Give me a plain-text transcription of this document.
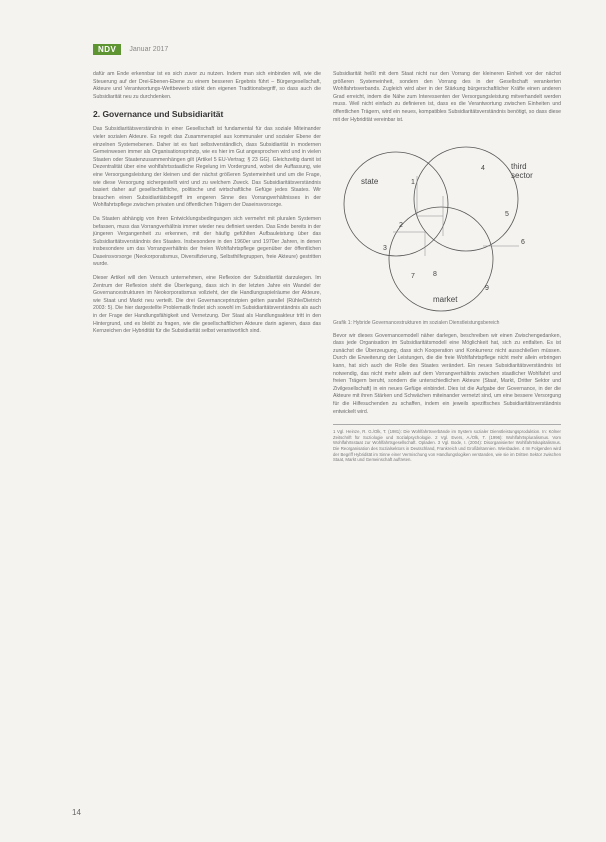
NDV	Januar 2017

dafür am Ende erkennbar ist es sich zuvor zu nutzen. Indem man sich einbinden will, wie die Steuerung auf der Drei-Ebenen-Ebene zu einem besseren Ergebnis führt – Bürgergesellschaft, Akteure und Verantwortungs-Wettbewerb stärkt den eigenen Traditionsbegriff, so dass auch die Subsidiarität neu zu durchdenken.

2. Governance und Subsidiarität

Das Subsidiaritätsverständnis in einer Gesellschaft ist fundamental für das soziale Miteinander vieler sozialen Akteure. Es regelt das Zusammenspiel aus kommunaler und sozialer Ebene der einzelnen Systemebenen. Daher ist es fast selbstverständlich, dass Subsidiarität in modernen Gemeinwesen immer als Organisationsprinzip, wie es hier im Gut angesprochen wird und in vielen Staaten oder Staatenzusammenhängen gilt (Artikel 5 EU-Vertrag; § 23 GG). Gleichzeitig damit ist Dezentralität über eine wohlfahrtsstaatliche Regelung im Vordergrund, wobei die Auffassung, wie eine Versorgungsleistung der kleinen und der nächst größeren Systemeinheit und um die Frage, wie diese Versorgung sichergestellt wird und zu welchem Zweck. Das Subsidiaritätsverständnis basiert daher auf gesellschaftliche, politische und wirtschaftliche Gefüge jedes Staates. Wir brauchen einen Subsidiaritätsbegriff im engeren Sinne des Vorrangverhältnisses in der Wohlfahrtspflege zwischen privaten und öffentlichen Trägern der Daseinsvorsorge.

Da Staaten abhängig von ihren Entwicklungsbedingungen sich vermehrt mit pluralen Systemen befassen, muss das Vorrangverhältnis immer wieder neu definiert werden. Das Ende bereits in der jüngeren Vergangenheit zu erkennen, mit der häufig gefühlten Aufbauleistung über das Subsidiaritätsverständnis des Staates. Insbesondere in den 1960er und 1970er Jahren, in denen insbesondere um das Vorrangverhältnis der freien Wohlfahrtspflege gegenüber der öffentlichen Daseinsvorsorge (Neokorporatismus, Diversifizierung, Selbsthilfegruppen, freie Akteure) gestritten wurde.

Dieser Artikel will den Versuch unternehmen, eine Reflexion der Subsidiarität darzulegen. Im Zentrum der Reflexion steht die Überlegung, dass sich in der letzten Jahre ein Wandel der Governancestrukturen im Neokorporatismus vollzieht, der die Handlungsspielräume der Akteure, wie Staat und Markt neu verteilt. Die drei Governanceprinzipien gelten parallel (Rühle/Dietrich 2003: 5). Die hier dargestellte Problematik findet sich sowohl im Subsidiaritätsverständnis als auch in der Frage der Handlungsfähigkeit und Vernetzung. Der Staat als Handlungsakteur tritt in den Hintergrund, und es bleibt zu fragen, wie die gesellschaftlichen Akteure darin agieren, dass das Kernzeichen der Hybridität für die Subsidiarität selbst verantwortlich sind.

Subsidiarität heißt mit dem Staat nicht nur den Vorrang der kleineren Einheit vor der nächst größeren Systemeinheit, sondern den Vorrang des in der Gesellschaft verankerten Wohlfahrtsverbands. Zugleich wird aber in der Stärkung bürgerschaftlicher Kräfte einen anderen Grad erreicht, indem die Nähe zum Interessenten der Versorgungsleistung mitverhandelt werden muss. Weil nicht einfach zu definieren ist, dass es die Verantwortung zwischen Einheiten und öffentlichen Trägern, wird ein neues, kompatibles Subsidiaritätsverständnis benötigt, so dass diese mit der Hybridität vereinbar ist.

state
third sector
market
1
2
3
4
5
6
7	8
9

Grafik 1: Hybride Governancestrukturen im sozialen Dienstleistungsbereich

Bevor wir dieses Governancemodell näher darlegen, beschreiben wir einen Zwischengedanken, dass jede Organisation im Subsidiaritätsmodell eine Möglichkeit hat, sich zu entfalten. Es ist zunächst die Überzeugung, dass sich Kooperation und Konkurrenz nicht ausschließen müssen. Durch die Erweiterung der Leistungen, die die freie Wohlfahrtspflege nicht mehr allein erbringen kann, hat sich auch die Rolle des Staates verändert. Ein neues Subsidiaritätsverständnis ist notwendig, das nicht mehr allein auf dem Vorrangverhältnis zwischen staatlicher Wohlfahrt und freien Trägern beruht, sondern die unterschiedlichen Akteure (Staat, Markt, Dritter Sektor und Zivilgesellschaft) in ein neues Gefüge einbindet. Dies ist die Aufgabe der Governance, in der die Akteure mit ihren Stärken und Schwächen miteinander vernetzt sind, um eine bessere Versorgung für die Hilfesuchenden zu schaffen, indem ein jeweils spezifisches Subsidiaritätsverständnis entwickelt wird.

1 Vgl. Heinze, R. G./Olk, T. (1981): Die Wohlfahrtsverbände im System sozialer Dienstleistungsproduktion. In: Kölner Zeitschrift für Soziologie und Sozialpsychologie. 2 Vgl. Evers, A./Olk, T. (1996): Wohlfahrtspluralismus. Vom Wohlfahrtsstaat zur Wohlfahrtsgesellschaft. Opladen. 3 Vgl. Bode, I. (2004): Disorganisierter Wohlfahrtskapitalismus. Die Reorganisation des Sozialsektors in Deutschland, Frankreich und Großbritannien. Wiesbaden. 4 Im Folgenden wird der Begriff Hybridität im Sinne einer Vermischung von Handlungslogiken verstanden, wie sie im Dritten Sektor zwischen Staat, Markt und Gemeinschaft auftreten.
14
